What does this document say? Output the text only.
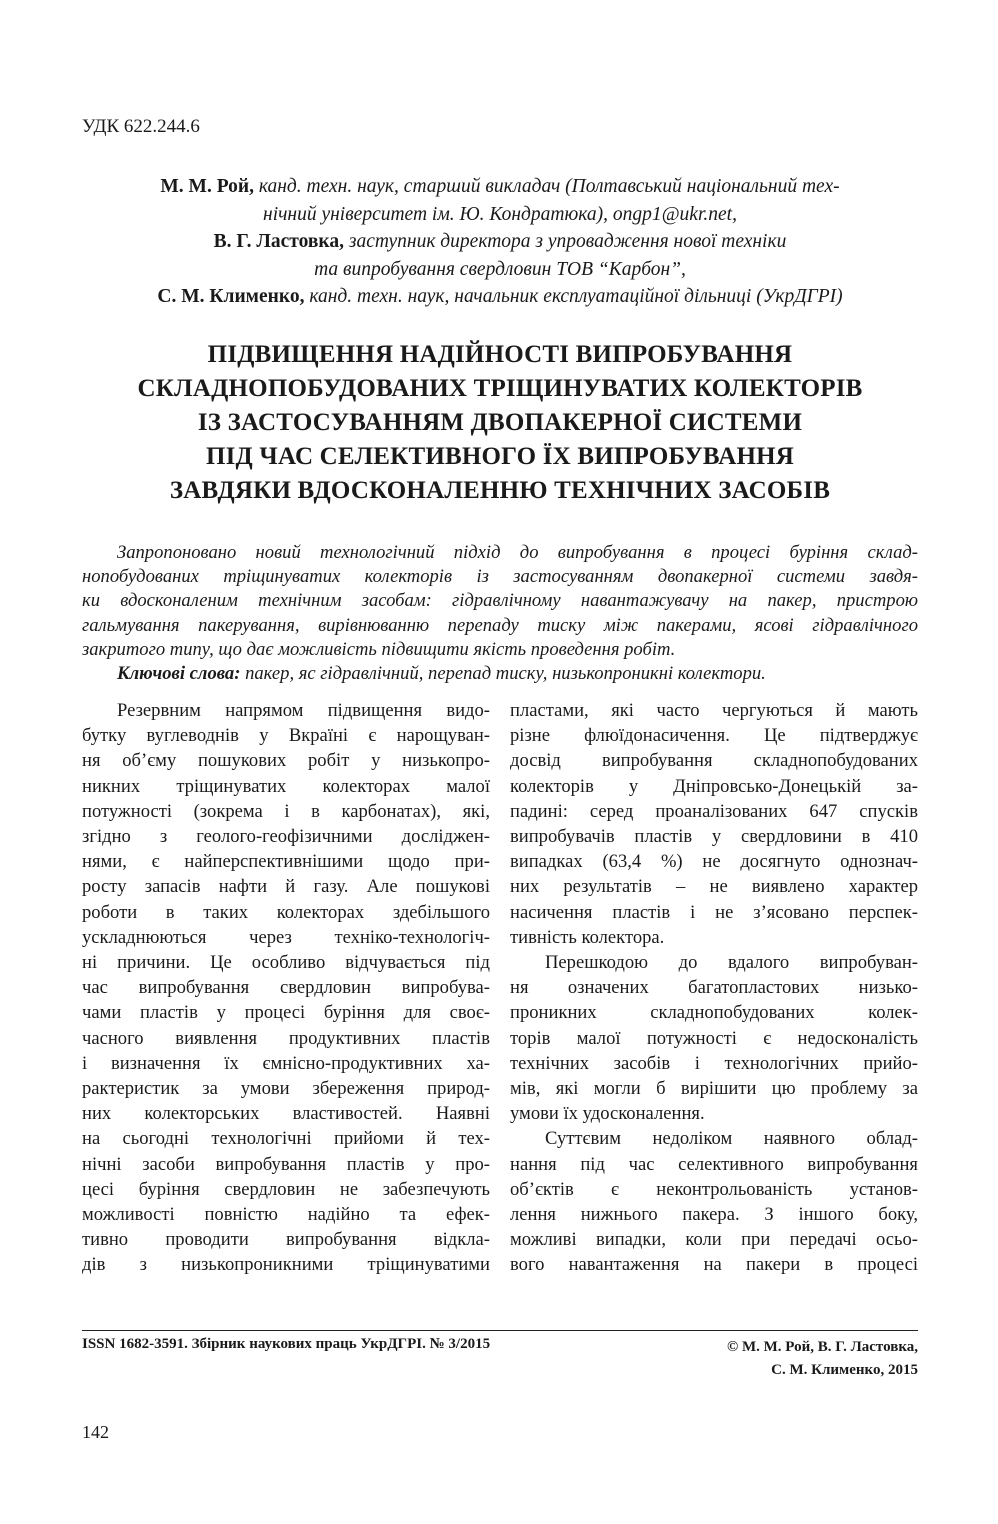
УДК 622.244.6
М. М. Рой, канд. техн. наук, старший викладач (Полтавський національний тех-
нічний університет ім. Ю. Кондратюка), ongp1@ukr.net,
В. Г. Ластовка, заступник директора з упровадження нової техніки
та випробування свердловин ТОВ “Карбон”,
С. М. Клименко, канд. техн. наук, начальник експлуатаційної дільниці (УкрДГРІ)
ПІДВИЩЕННЯ НАДІЙНОСТІ ВИПРОБУВАННЯ
СКЛАДНОПОБУДОВАНИХ ТРІЩИНУВАТИХ КОЛЕКТОРІВ
ІЗ ЗАСТОСУВАННЯМ ДВОПАКЕРНОЇ СИСТЕМИ
ПІД ЧАС СЕЛЕКТИВНОГО ЇХ ВИПРОБУВАННЯ
ЗАВДЯКИ ВДОСКОНАЛЕННЮ ТЕХНІЧНИХ ЗАСОБІВ
Запропоновано новий технологічний підхід до випробування в процесі буріння склад-
нопобудованих тріщинуватих колекторів із застосуванням двопакерної системи завдя-
ки вдосконаленим технічним засобам: гідравлічному навантажувачу на пакер, пристрою
гальмування пакерування, вирівнюванню перепаду тиску між пакерами, ясові гідравлічного
закритого типу, що дає можливість підвищити якість проведення робіт.
Ключові слова: пакер, яс гідравлічний, перепад тиску, низькопроникні колектори.
Резервним напрямом підвищення видо-
бутку вуглеводнів у Вкраїні є нарощуван-
ня об’єму пошукових робіт у низькопро-
никних тріщинуватих колекторах малої
потужності (зокрема і в карбонатах), які,
згідно з геолого-геофізичними досліджен-
нями, є найперспективнішими щодо при-
росту запасів нафти й газу. Але пошукові
роботи в таких колекторах здебільшого
ускладнюються через техніко-технологіч-
ні причини. Це особливо відчувається під
час випробування свердловин випробува-
чами пластів у процесі буріння для своє-
часного виявлення продуктивних пластів
і визначення їх ємнісно-продуктивних ха-
рактеристик за умови збереження природ-
них колекторських властивостей. Наявні
на сьогодні технологічні прийоми й тех-
нічні засоби випробування пластів у про-
цесі буріння свердловин не забезпечують
можливості повністю надійно та ефек-
тивно проводити випробування відкла-
дів з низькопроникними тріщинуватими
пластами, які часто чергуються й мають
різне флюїдонасичення. Це підтверджує
досвід випробування складнопобудованих
колекторів у Дніпровсько-Донецькій за-
падині: серед проаналізованих 647 спусків
випробувачів пластів у свердловини в 410
випадках (63,4 %) не досягнуто однознач-
них результатів – не виявлено характер
насичення пластів і не з’ясовано перспек-
тивність колектора.
Перешкодою до вдалого випробуван-
ня означених багатопластових низько-
проникних складнопобудованих колек-
торів малої потужності є недосконалість
технічних засобів і технологічних прийо-
мів, які могли б вирішити цю проблему за
умови їх удосконалення.
Суттєвим недоліком наявного облад-
нання під час селективного випробування
об’єктів є неконтрольованість установ-
лення нижнього пакера. З іншого боку,
можливі випадки, коли при передачі осьо-
вого навантаження на пакери в процесі
ISSN 1682-3591. Збірник наукових праць УкрДГРІ. № 3/2015	© М. М. Рой, В. Г. Ластовка,
С. М. Клименко, 2015
142
